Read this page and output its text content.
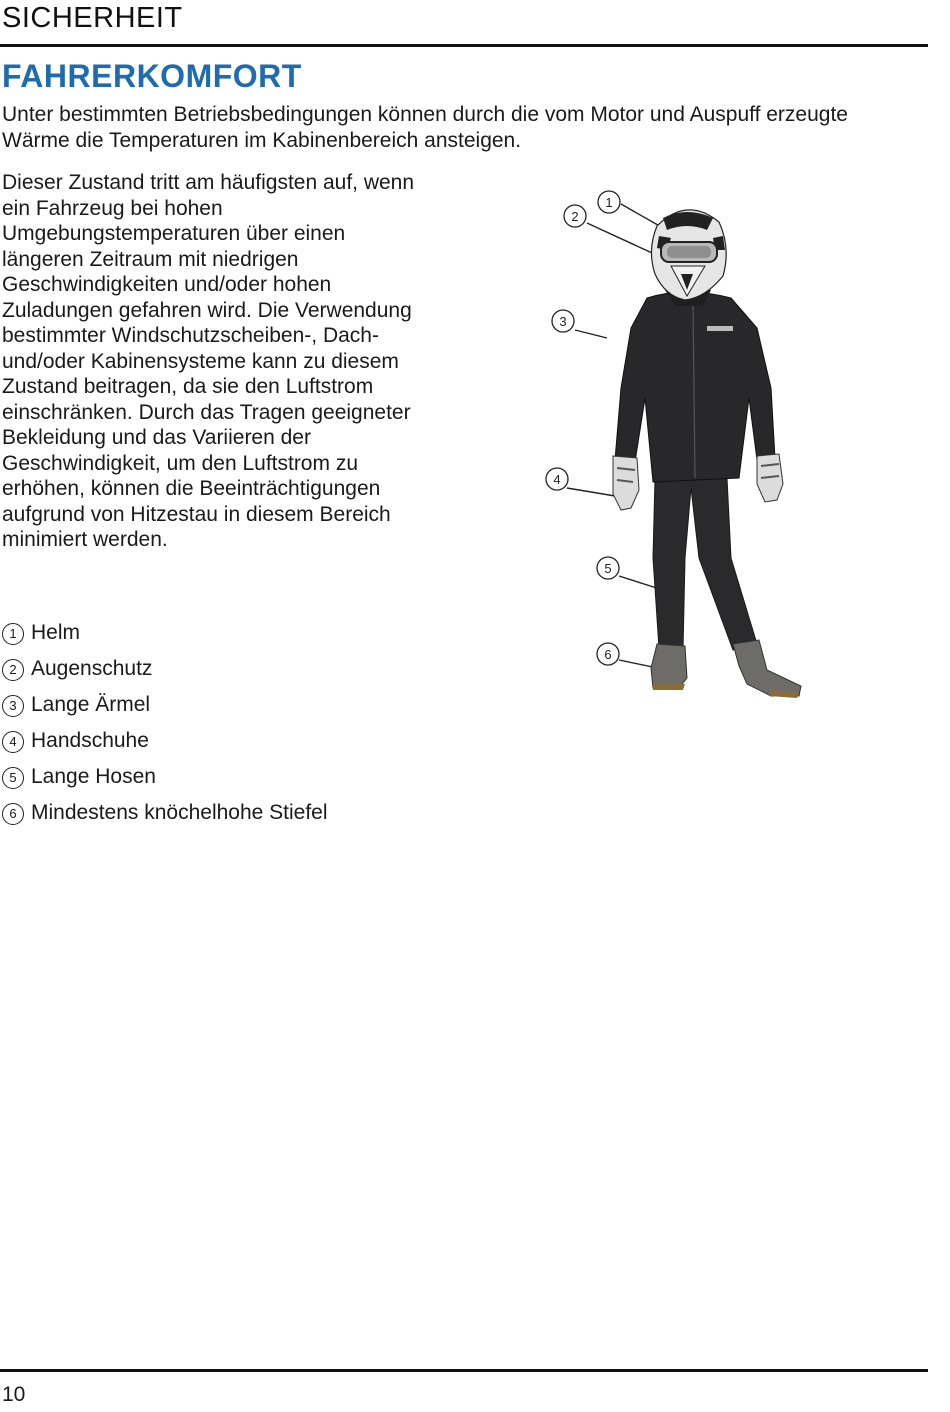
SICHERHEIT
FAHRERKOMFORT

Unter bestimmten Betriebsbedingungen können durch die vom Motor und Auspuff erzeugte Wärme die Temperaturen im Kabinenbereich ansteigen.

Dieser Zustand tritt am häufigsten auf, wenn ein Fahrzeug bei hohen Umgebungstemperaturen über einen längeren Zeitraum mit niedrigen Geschwindigkeiten und/oder hohen Zuladungen gefahren wird. Die Verwendung bestimmter Windschutzscheiben-, Dach- und/oder Kabinensysteme kann zu diesem Zustand beitragen, da sie den Luftstrom einschränken. Durch das Tragen geeigneter Bekleidung und das Variieren der Geschwindigkeit, um den Luftstrom zu erhöhen, können die Beeinträchtigungen aufgrund von Hitzestau in diesem Bereich minimiert werden.

1 Helm
2 Augenschutz
3 Lange Ärmel
4 Handschuhe
5 Lange Hosen
6 Mindestens knöchelhohe Stiefel
1
2
3
4
5
6
10
